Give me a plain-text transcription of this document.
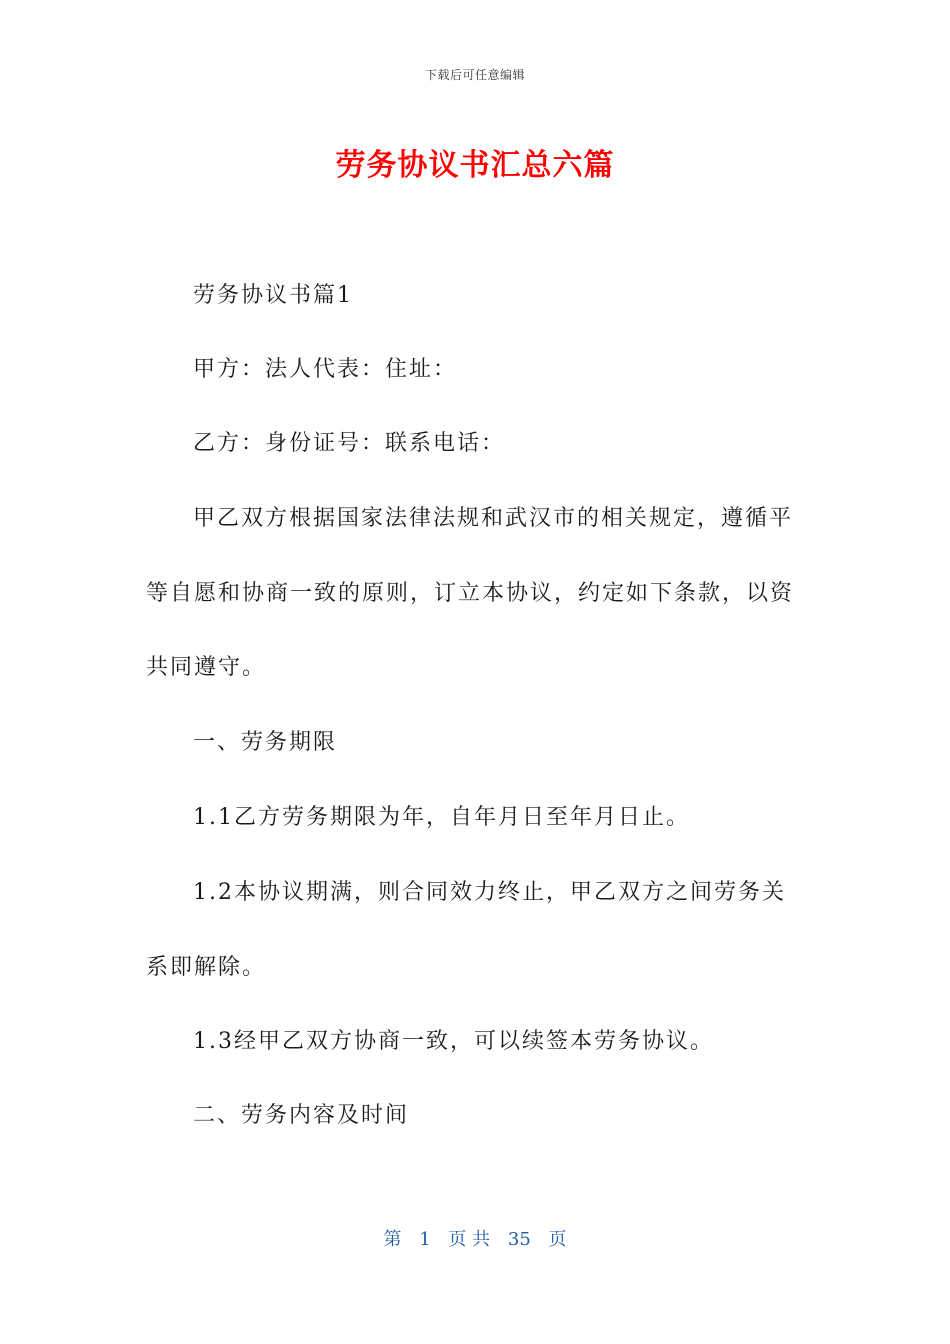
下载后可任意编辑
劳务协议书汇总六篇
劳务协议书篇1
甲方：法人代表：住址：
乙方：身份证号：联系电话：
甲乙双方根据国家法律法规和武汉市的相关规定，遵循平
等自愿和协商一致的原则，订立本协议，约定如下条款，以资
共同遵守。
一、劳务期限
1.1乙方劳务期限为年，自年月日至年月日止。
1.2本协议期满，则合同效力终止，甲乙双方之间劳务关
系即解除。
1.3经甲乙双方协商一致，可以续签本劳务协议。
二、劳务内容及时间
第 1 页 共 35 页
